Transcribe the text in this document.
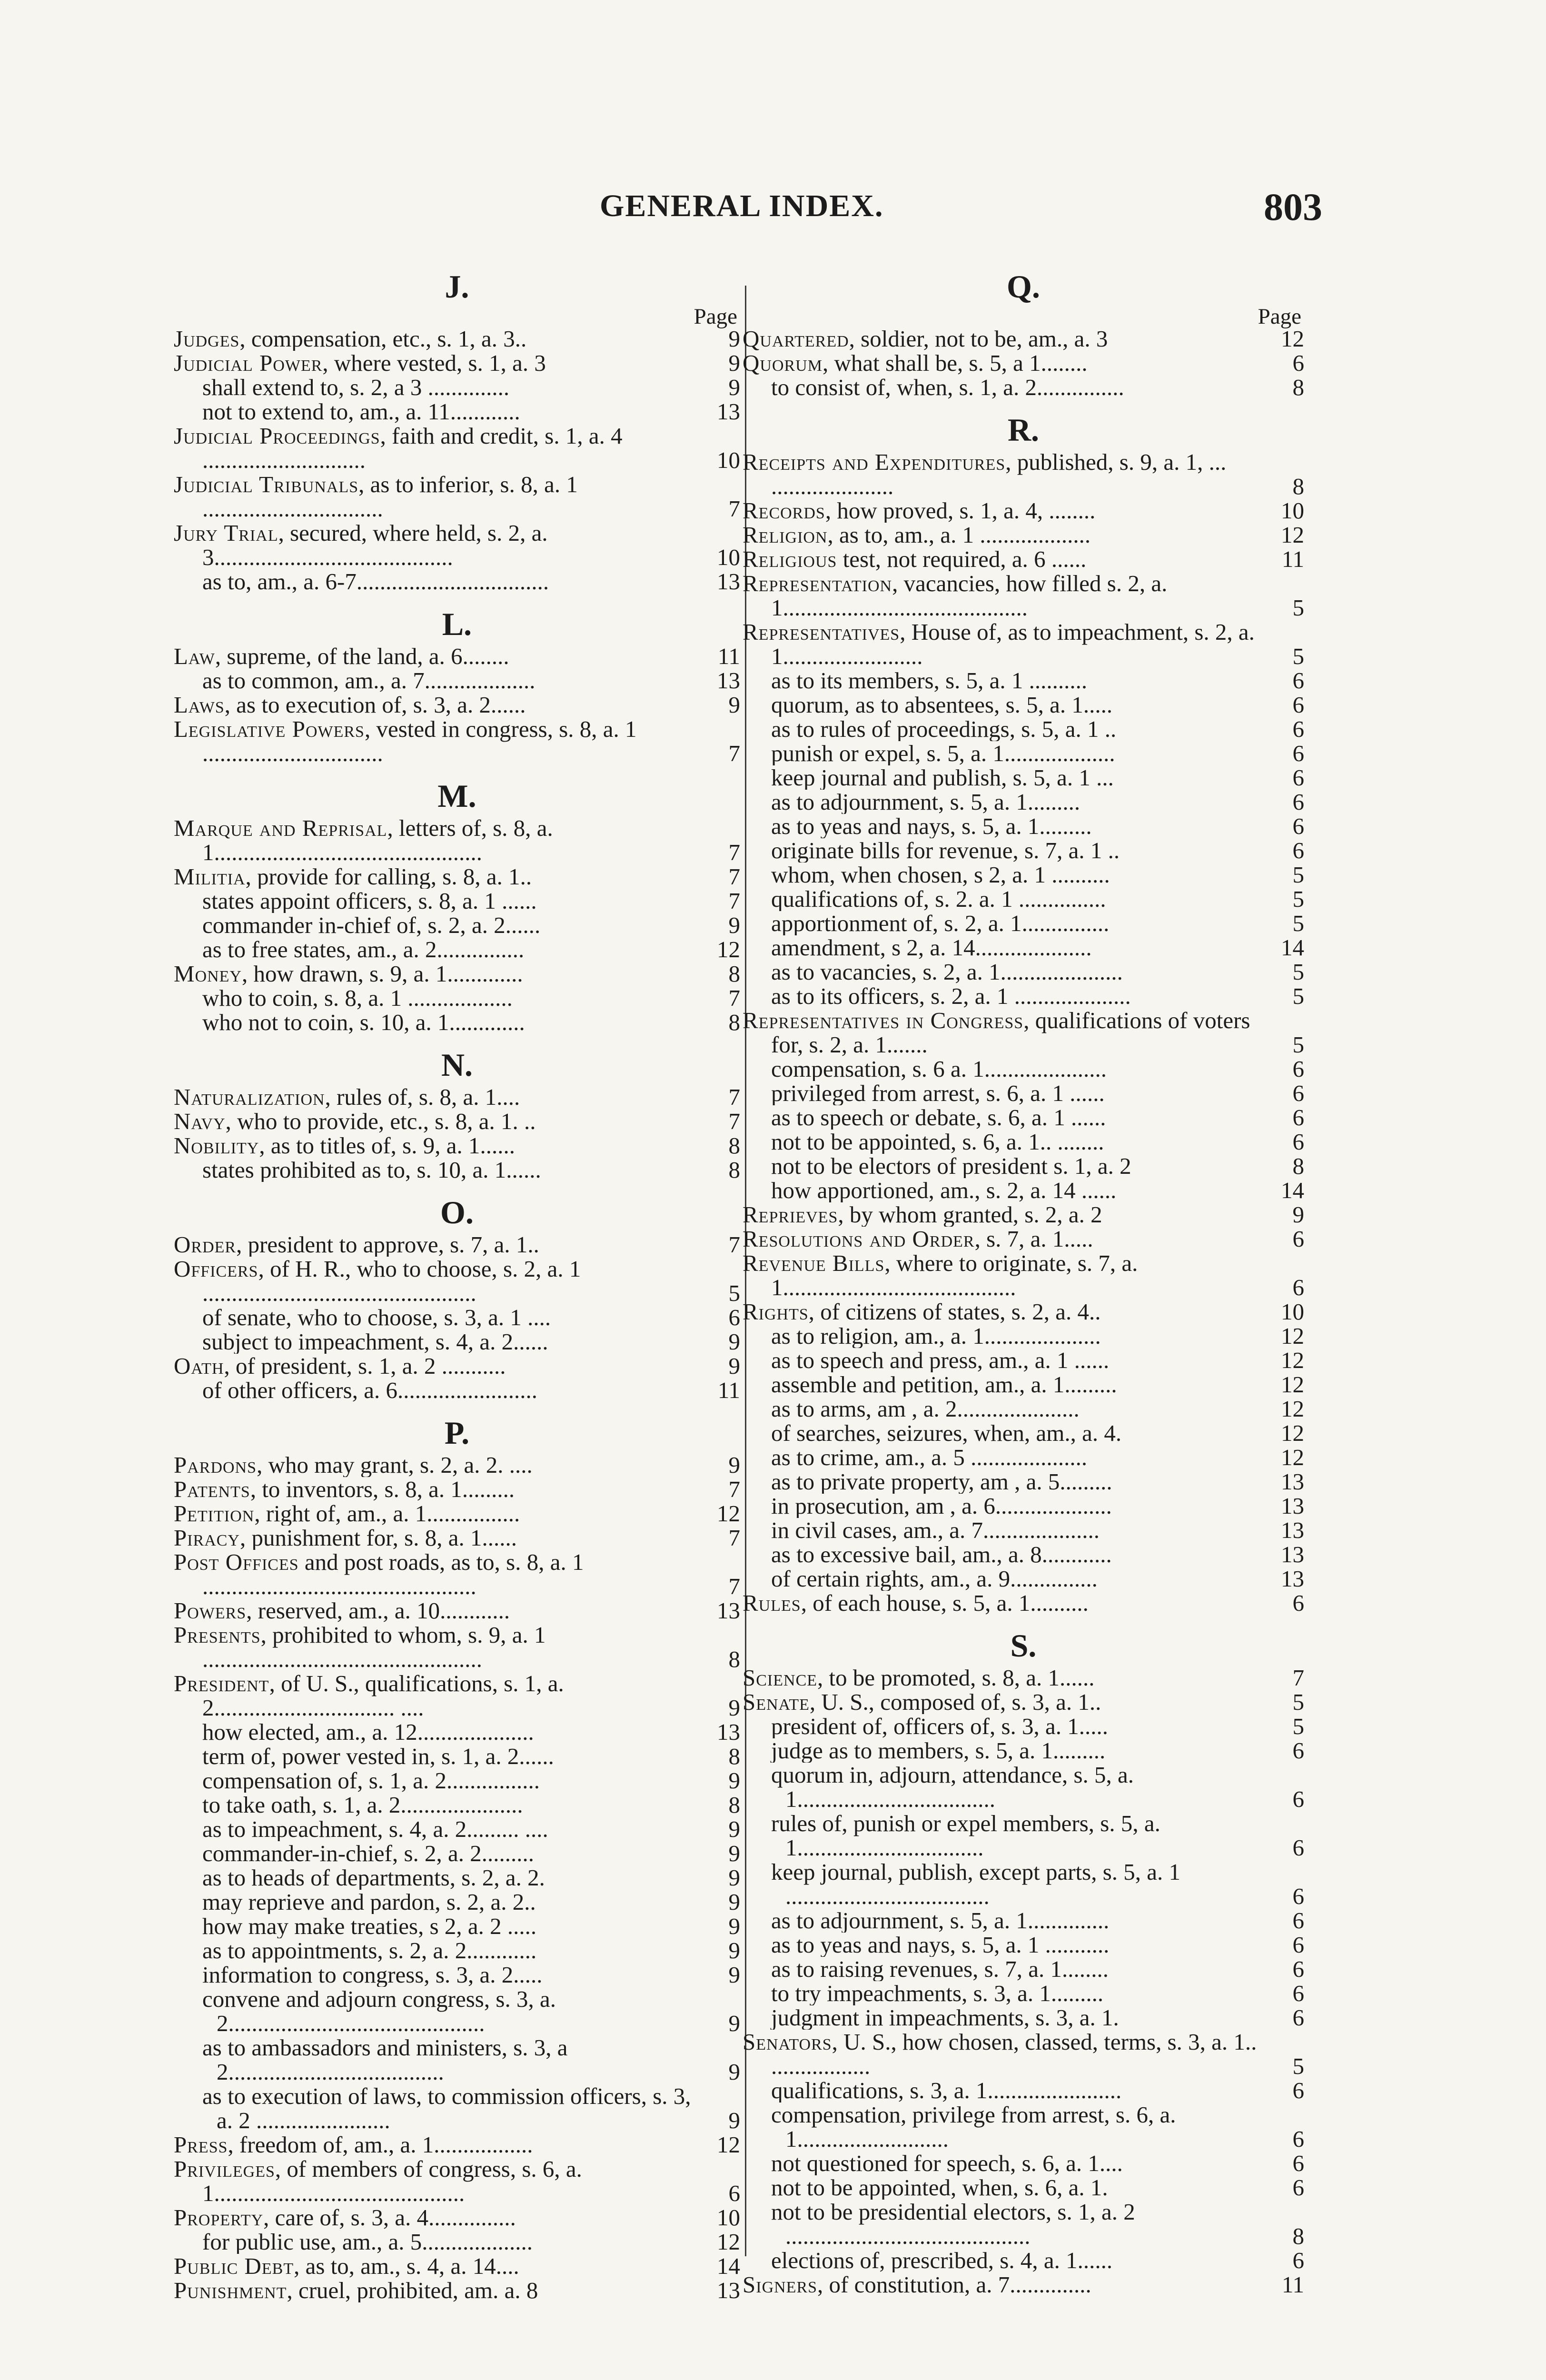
GENERAL INDEX.	803
J.
Page
Judges, compensation, etc., s. 1, a. 3..	9
Judicial Power, where vested, s. 1, a. 3	9
shall extend to, s. 2, a 3 ..............	9
not to extend to, am., a. 11............	13
Judicial Proceedings, faith and credit, s. 1, a. 4 ............................	10
Judicial Tribunals, as to inferior, s. 8, a. 1 ...............................	7
Jury Trial, secured, where held, s. 2, a. 3.........................................	10
as to, am., a. 6-7.................................	13
L.
Law, supreme, of the land, a. 6........	11
as to common, am., a. 7...................	13
Laws, as to execution of, s. 3, a. 2......	9
Legislative Powers, vested in congress, s. 8, a. 1 ...............................	7
M.
Marque and Reprisal, letters of, s. 8, a. 1..............................................	7
Militia, provide for calling, s. 8, a. 1..	7
states appoint officers, s. 8, a. 1 ......	7
commander in-chief of, s. 2, a. 2......	9
as to free states, am., a. 2...............	12
Money, how drawn, s. 9, a. 1.............	8
who to coin, s. 8, a. 1 ..................	7
who not to coin, s. 10, a. 1.............	8
N.
Naturalization, rules of, s. 8, a. 1....	7
Navy, who to provide, etc., s. 8, a. 1. ..	7
Nobility, as to titles of, s. 9, a. 1......	8
states prohibited as to, s. 10, a. 1......	8
O.
Order, president to approve, s. 7, a. 1..	7
Officers, of H. R., who to choose, s. 2, a. 1 ...............................................	5
of senate, who to choose, s. 3, a. 1 ....	6
subject to impeachment, s. 4, a. 2......	9
Oath, of president, s. 1, a. 2 ...........	9
of other officers, a. 6........................	11
P.
Pardons, who may grant, s. 2, a. 2. ....	9
Patents, to inventors, s. 8, a. 1.........	7
Petition, right of, am., a. 1................	12
Piracy, punishment for, s. 8, a. 1......	7
Post Offices and post roads, as to, s. 8, a. 1 ...............................................	7
Powers, reserved, am., a. 10............	13
Presents, prohibited to whom, s. 9, a. 1 ................................................	8
President, of U. S., qualifications, s. 1, a. 2............................... ....	9
how elected, am., a. 12....................	13
term of, power vested in, s. 1, a. 2......	8
compensation of, s. 1, a. 2................	9
to take oath, s. 1, a. 2.....................	8
as to impeachment, s. 4, a. 2......... ....	9
commander-in-chief, s. 2, a. 2.........	9
as to heads of departments, s. 2, a. 2.	9
may reprieve and pardon, s. 2, a. 2..	9
how may make treaties, s 2, a. 2 .....	9
as to appointments, s. 2, a. 2............	9
information to congress, s. 3, a. 2.....	9
convene and adjourn congress, s. 3, a. 2............................................	9
as to ambassadors and ministers, s. 3, a 2.....................................	9
as to execution of laws, to commission officers, s. 3, a. 2 .......................	9
Press, freedom of, am., a. 1.................	12
Privileges, of members of congress, s. 6, a. 1...........................................	6
Property, care of, s. 3, a. 4...............	10
for public use, am., a. 5...................	12
Public Debt, as to, am., s. 4, a. 14....	14
Punishment, cruel, prohibited, am. a. 8	13
Q.
Page
Quartered, soldier, not to be, am., a. 3	12
Quorum, what shall be, s. 5, a 1........	6
to consist of, when, s. 1, a. 2...............	8
R.
Receipts and Expenditures, published, s. 9, a. 1, ... .....................	8
Records, how proved, s. 1, a. 4, ........	10
Religion, as to, am., a. 1 ...................	12
Religious test, not required, a. 6 ......	11
Representation, vacancies, how filled s. 2, a. 1..........................................	5
Representatives, House of, as to impeachment, s. 2, a. 1........................	5
as to its members, s. 5, a. 1 ..........	6
quorum, as to absentees, s. 5, a. 1.....	6
as to rules of proceedings, s. 5, a. 1 ..	6
punish or expel, s. 5, a. 1...................	6
keep journal and publish, s. 5, a. 1 ...	6
as to adjournment, s. 5, a. 1.........	6
as to yeas and nays, s. 5, a. 1.........	6
originate bills for revenue, s. 7, a. 1 ..	6
whom, when chosen, s 2, a. 1 ..........	5
qualifications of, s. 2. a. 1 ...............	5
apportionment of, s. 2, a. 1...............	5
amendment, s 2, a. 14....................	14
as to vacancies, s. 2, a. 1.....................	5
as to its officers, s. 2, a. 1 ....................	5
Representatives in Congress, qualifications of voters for, s. 2, a. 1.......	5
compensation, s. 6 a. 1.....................	6
privileged from arrest, s. 6, a. 1 ......	6
as to speech or debate, s. 6, a. 1 ......	6
not to be appointed, s. 6, a. 1.. ........	6
not to be electors of president s. 1, a. 2	8
how apportioned, am., s. 2, a. 14 ......	14
Reprieves, by whom granted, s. 2, a. 2	9
Resolutions and Order, s. 7, a. 1.....	6
Revenue Bills, where to originate, s. 7, a. 1........................................	6
Rights, of citizens of states, s. 2, a. 4..	10
as to religion, am., a. 1....................	12
as to speech and press, am., a. 1 ......	12
assemble and petition, am., a. 1.........	12
as to arms, am , a. 2.....................	12
of searches, seizures, when, am., a. 4.	12
as to crime, am., a. 5 ....................	12
as to private property, am , a. 5.........	13
in prosecution, am , a. 6....................	13
in civil cases, am., a. 7....................	13
as to excessive bail, am., a. 8............	13
of certain rights, am., a. 9...............	13
Rules, of each house, s. 5, a. 1..........	6
S.
Science, to be promoted, s. 8, a. 1......	7
Senate, U. S., composed of, s. 3, a. 1..	5
president of, officers of, s. 3, a. 1.....	5
judge as to members, s. 5, a. 1.........	6
quorum in, adjourn, attendance, s. 5, a. 1..................................	6
rules of, punish or expel members, s. 5, a. 1................................	6
keep journal, publish, except parts, s. 5, a. 1 ...................................	6
as to adjournment, s. 5, a. 1..............	6
as to yeas and nays, s. 5, a. 1 ...........	6
as to raising revenues, s. 7, a. 1........	6
to try impeachments, s. 3, a. 1.........	6
judgment in impeachments, s. 3, a. 1.	6
Senators, U. S., how chosen, classed, terms, s. 3, a. 1.. .................	5
qualifications, s. 3, a. 1.......................	6
compensation, privilege from arrest, s. 6, a. 1..........................	6
not questioned for speech, s. 6, a. 1....	6
not to be appointed, when, s. 6, a. 1.	6
not to be presidential electors, s. 1, a. 2 ..........................................	8
elections of, prescribed, s. 4, a. 1......	6
Signers, of constitution, a. 7..............	11
